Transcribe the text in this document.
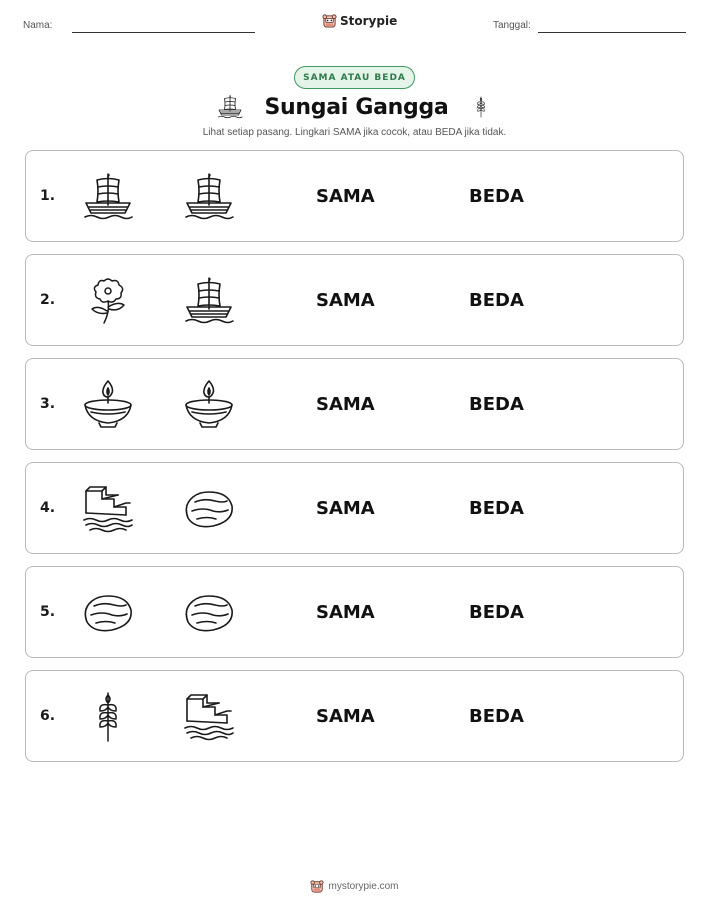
Nama:	Storypie	Tanggal:
SAMA ATAU BEDA
Sungai Gangga
Lihat setiap pasang. Lingkari SAMA jika cocok, atau BEDA jika tidak.
1.	SAMA	BEDA
2.	SAMA	BEDA
3.	SAMA	BEDA
4.	SAMA	BEDA
5.	SAMA	BEDA
6.	SAMA	BEDA
mystorypie.com
